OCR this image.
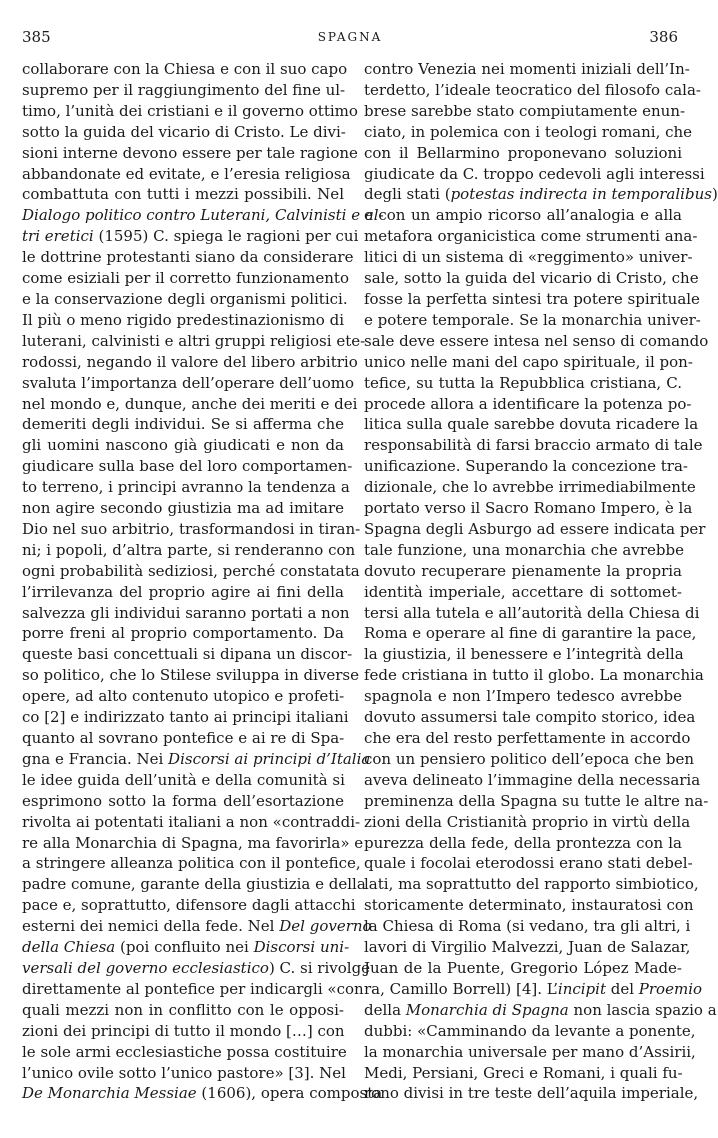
385	SPAGNA	386
collaborare con la Chiesa e con il suo capo
supremo per il raggiungimento del fine ul-
timo, l’unità dei cristiani e il governo ottimo
sotto la guida del vicario di Cristo. Le divi-
sioni interne devono essere per tale ragione
abbandonate ed evitate, e l’eresia religiosa
combattuta con tutti i mezzi possibili. Nel
Dialogo politico contro Luterani, Calvinisti e al-
tri eretici (1595) C. spiega le ragioni per cui
le dottrine protestanti siano da considerare
come esiziali per il corretto funzionamento
e la conservazione degli organismi politici.
Il più o meno rigido predestinazionismo di
luterani, calvinisti e altri gruppi religiosi ete-
rodossi, negando il valore del libero arbitrio
svaluta l’importanza dell’operare dell’uomo
nel mondo e, dunque, anche dei meriti e dei
demeriti degli individui. Se si afferma che
gli uomini nascono già giudicati e non da
giudicare sulla base del loro comportamen-
to terreno, i principi avranno la tendenza a
non agire secondo giustizia ma ad imitare
Dio nel suo arbitrio, trasformandosi in tiran-
ni; i popoli, d’altra parte, si renderanno con
ogni probabilità sediziosi, perché constatata
l’irrilevanza del proprio agire ai fini della
salvezza gli individui saranno portati a non
porre freni al proprio comportamento. Da
queste basi concettuali si dipana un discor-
so politico, che lo Stilese sviluppa in diverse
opere, ad alto contenuto utopico e profeti-
co [2] e indirizzato tanto ai principi italiani
quanto al sovrano pontefice e ai re di Spa-
gna e Francia. Nei Discorsi ai principi d’Italia
le idee guida dell’unità e della comunità si
esprimono sotto la forma dell’esortazione
rivolta ai potentati italiani a non «contraddi-
re alla Monarchia di Spagna, ma favorirla» e
a stringere alleanza politica con il pontefice,
padre comune, garante della giustizia e della
pace e, soprattutto, difensore dagli attacchi
esterni dei nemici della fede. Nel Del governo
della Chiesa (poi confluito nei Discorsi uni-
versali del governo ecclesiastico) C. si rivolge
direttamente al pontefice per indicargli «con
quali mezzi non in conflitto con le opposi-
zioni dei principi di tutto il mondo […] con
le sole armi ecclesiastiche possa costituire
l’unico ovile sotto l’unico pastore» [3]. Nel
De Monarchia Messiae (1606), opera composta
contro Venezia nei momenti iniziali dell’In-
terdetto, l’ideale teocratico del filosofo cala-
brese sarebbe stato compiutamente enun-
ciato, in polemica con i teologi romani, che
con il Bellarmino proponevano soluzioni
giudicate da C. troppo cedevoli agli interessi
degli stati (potestas indirecta in temporalibus)
e con un ampio ricorso all’analogia e alla
metafora organicistica come strumenti ana-
litici di un sistema di «reggimento» univer-
sale, sotto la guida del vicario di Cristo, che
fosse la perfetta sintesi tra potere spirituale
e potere temporale. Se la monarchia univer-
sale deve essere intesa nel senso di comando
unico nelle mani del capo spirituale, il pon-
tefice, su tutta la Repubblica cristiana, C.
procede allora a identificare la potenza po-
litica sulla quale sarebbe dovuta ricadere la
responsabilità di farsi braccio armato di tale
unificazione. Superando la concezione tra-
dizionale, che lo avrebbe irrimediabilmente
portato verso il Sacro Romano Impero, è la
Spagna degli Asburgo ad essere indicata per
tale funzione, una monarchia che avrebbe
dovuto recuperare pienamente la propria
identità imperiale, accettare di sottomet-
tersi alla tutela e all’autorità della Chiesa di
Roma e operare al fine di garantire la pace,
la giustizia, il benessere e l’integrità della
fede cristiana in tutto il globo. La monarchia
spagnola e non l’Impero tedesco avrebbe
dovuto assumersi tale compito storico, idea
che era del resto perfettamente in accordo
con un pensiero politico dell’epoca che ben
aveva delineato l’immagine della necessaria
preminenza della Spagna su tutte le altre na-
zioni della Cristianità proprio in virtù della
purezza della fede, della prontezza con la
quale i focolai eterodossi erano stati debel-
lati, ma soprattutto del rapporto simbiotico,
storicamente determinato, instauratosi con
la Chiesa di Roma (si vedano, tra gli altri, i
lavori di Virgilio Malvezzi, Juan de Salazar,
Juan de la Puente, Gregorio López Made-
ra, Camillo Borrell) [4]. L’incipit del Proemio
della Monarchia di Spagna non lascia spazio a
dubbi: «Camminando da levante a ponente,
la monarchia universale per mano d’Assirii,
Medi, Persiani, Greci e Romani, i quali fu-
rono divisi in tre teste dell’aquila imperiale,
